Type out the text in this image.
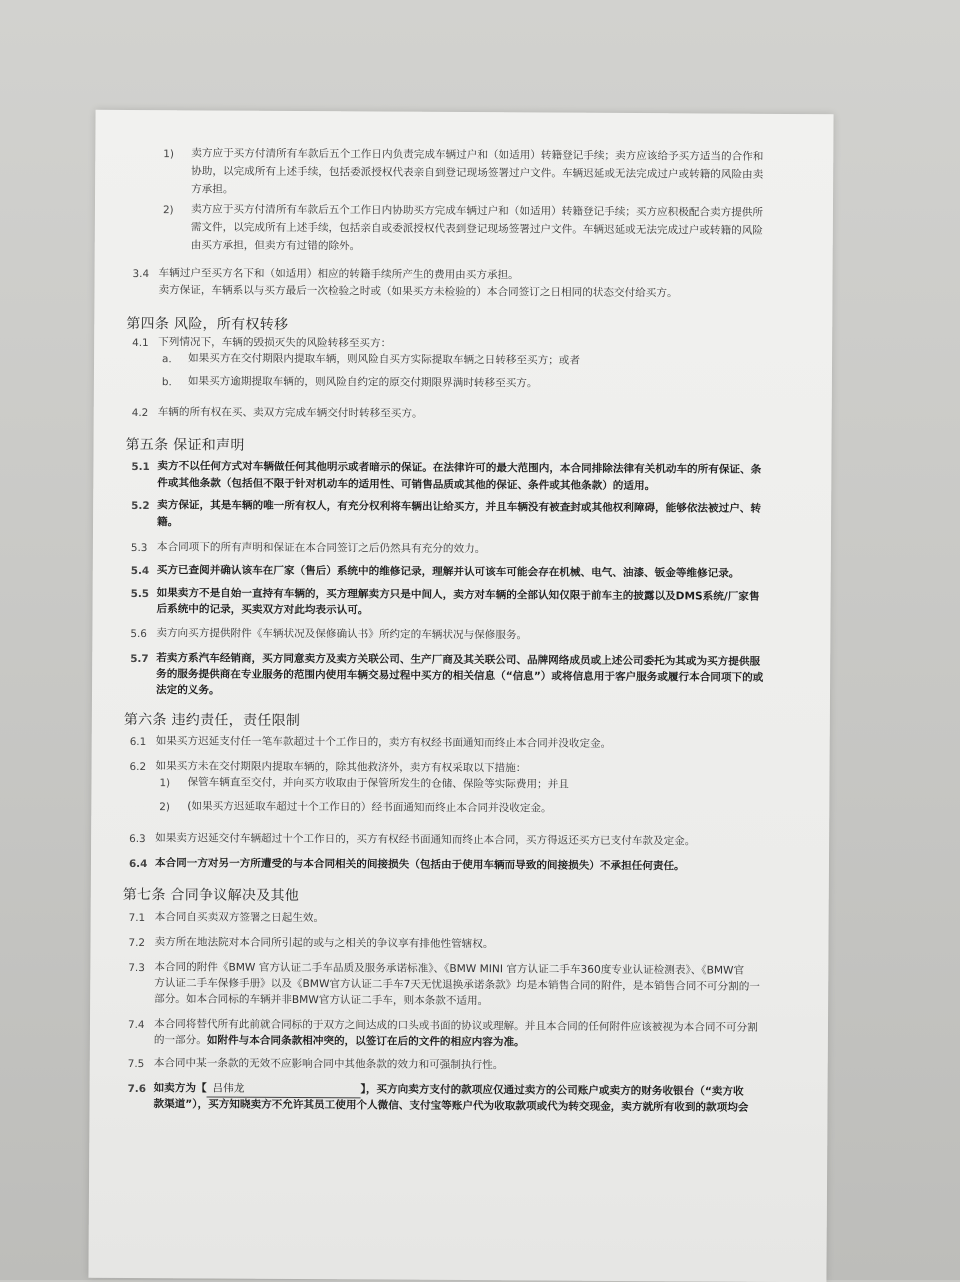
1) 卖方应于买方付清所有车款后五个工作日内负责完成车辆过户和（如适用）转籍登记手续；卖方应该给予买方适当的合作和
协助，以完成所有上述手续，包括委派授权代表亲自到登记现场签署过户文件。车辆迟延或无法完成过户或转籍的风险由卖
方承担。
2) 卖方应于买方付清所有车款后五个工作日内协助买方完成车辆过户和（如适用）转籍登记手续；买方应积极配合卖方提供所
需文件，以完成所有上述手续，包括亲自或委派授权代表到登记现场签署过户文件。车辆迟延或无法完成过户或转籍的风险
由买方承担，但卖方有过错的除外。
3.4 车辆过户至买方名下和（如适用）相应的转籍手续所产生的费用由买方承担。
卖方保证，车辆系以与买方最后一次检验之时或（如果买方未检验的）本合同签订之日相同的状态交付给买方。
第四条 风险，所有权转移
4.1 下列情况下，车辆的毁损灭失的风险转移至买方：
a. 如果买方在交付期限内提取车辆，则风险自买方实际提取车辆之日转移至买方；或者
b. 如果买方逾期提取车辆的，则风险自约定的原交付期限界满时转移至买方。
4.2 车辆的所有权在买、卖双方完成车辆交付时转移至买方。
第五条 保证和声明
5.1 卖方不以任何方式对车辆做任何其他明示或者暗示的保证。在法律许可的最大范围内，本合同排除法律有关机动车的所有保证、条
件或其他条款（包括但不限于针对机动车的适用性、可销售品质或其他的保证、条件或其他条款）的适用。
5.2 卖方保证，其是车辆的唯一所有权人，有充分权利将车辆出让给买方，并且车辆没有被查封或其他权利障碍，能够依法被过户、转
籍。
5.3 本合同项下的所有声明和保证在本合同签订之后仍然具有充分的效力。
5.4 买方已查阅并确认该车在厂家（售后）系统中的维修记录，理解并认可该车可能会存在机械、电气、油漆、钣金等维修记录。
5.5 如果卖方不是自始一直持有车辆的，买方理解卖方只是中间人，卖方对车辆的全部认知仅限于前车主的披露以及DMS系统/厂家售
后系统中的记录，买卖双方对此均表示认可。
5.6 卖方向买方提供附件《车辆状况及保修确认书》所约定的车辆状况与保修服务。
5.7 若卖方系汽车经销商，买方同意卖方及卖方关联公司、生产厂商及其关联公司、品牌网络成员或上述公司委托为其或为买方提供服
务的服务提供商在专业服务的范围内使用车辆交易过程中买方的相关信息（“信息”）或将信息用于客户服务或履行本合同项下的或
法定的义务。
第六条 违约责任，责任限制
6.1 如果买方迟延支付任一笔车款超过十个工作日的，卖方有权经书面通知而终止本合同并没收定金。
6.2 如果买方未在交付期限内提取车辆的，除其他救济外，卖方有权采取以下措施：
1) 保管车辆直至交付，并向买方收取由于保管所发生的仓储、保险等实际费用；并且
2) (如果买方迟延取车超过十个工作日的）经书面通知而终止本合同并没收定金。
6.3 如果卖方迟延交付车辆超过十个工作日的，买方有权经书面通知而终止本合同，买方得返还买方已支付车款及定金。
6.4 本合同一方对另一方所遭受的与本合同相关的间接损失（包括由于使用车辆而导致的间接损失）不承担任何责任。
第七条 合同争议解决及其他
7.1 本合同自买卖双方签署之日起生效。
7.2 卖方所在地法院对本合同所引起的或与之相关的争议享有排他性管辖权。
7.3 本合同的附件《BMW 官方认证二手车品质及服务承诺标准》、《BMW MINI 官方认证二手车360度专业认证检测表》、《BMW官
方认证二手车保修手册》以及《BMW官方认证二手车7天无忧退换承诺条款》均是本销售合同的附件，是本销售合同不可分割的一
部分。如本合同标的车辆并非BMW官方认证二手车，则本条款不适用。
7.4 本合同将替代所有此前就合同标的于双方之间达成的口头或书面的协议或理解。并且本合同的任何附件应该被视为本合同不可分割
的一部分。如附件与本合同条款相冲突的，以签订在后的文件的相应内容为准。
7.5 本合同中某一条款的无效不应影响合同中其他条款的效力和可强制执行性。
7.6 如卖方为【 吕伟龙	】，买方向卖方支付的款项应仅通过卖方的公司账户或卖方的财务收银台（“卖方收
款渠道”），买方知晓卖方不允许其员工使用个人微信、支付宝等账户代为收取款项或代为转交现金，卖方就所有收到的款项均会
